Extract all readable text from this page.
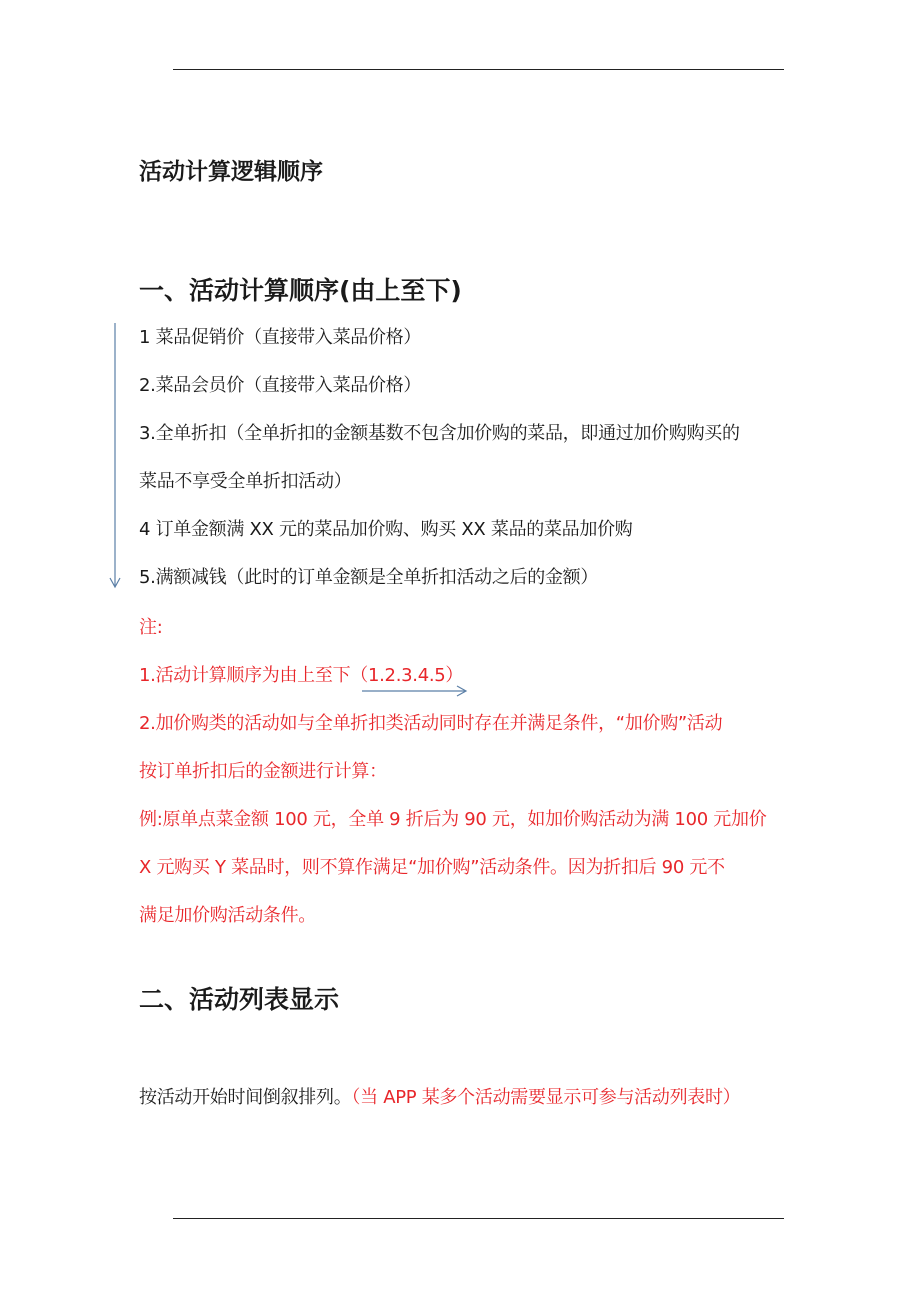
活动计算逻辑顺序
一、活动计算顺序(由上至下)
1 菜品促销价（直接带入菜品价格）
2.菜品会员价（直接带入菜品价格）
3.全单折扣（全单折扣的金额基数不包含加价购的菜品，即通过加价购购买的
菜品不享受全单折扣活动）
4 订单金额满 XX 元的菜品加价购、购买 XX 菜品的菜品加价购
5.满额减钱（此时的订单金额是全单折扣活动之后的金额）
注:
1.活动计算顺序为由上至下（1.2.3.4.5）
2.加价购类的活动如与全单折扣类活动同时存在并满足条件，“加价购”活动
按订单折扣后的金额进行计算：
例:原单点菜金额 100 元，全单 9 折后为 90 元，如加价购活动为满 100 元加价
X 元购买 Y 菜品时，则不算作满足“加价购”活动条件。因为折扣后 90 元不
满足加价购活动条件。
二、活动列表显示
按活动开始时间倒叙排列。（当 APP 某多个活动需要显示可参与活动列表时）
